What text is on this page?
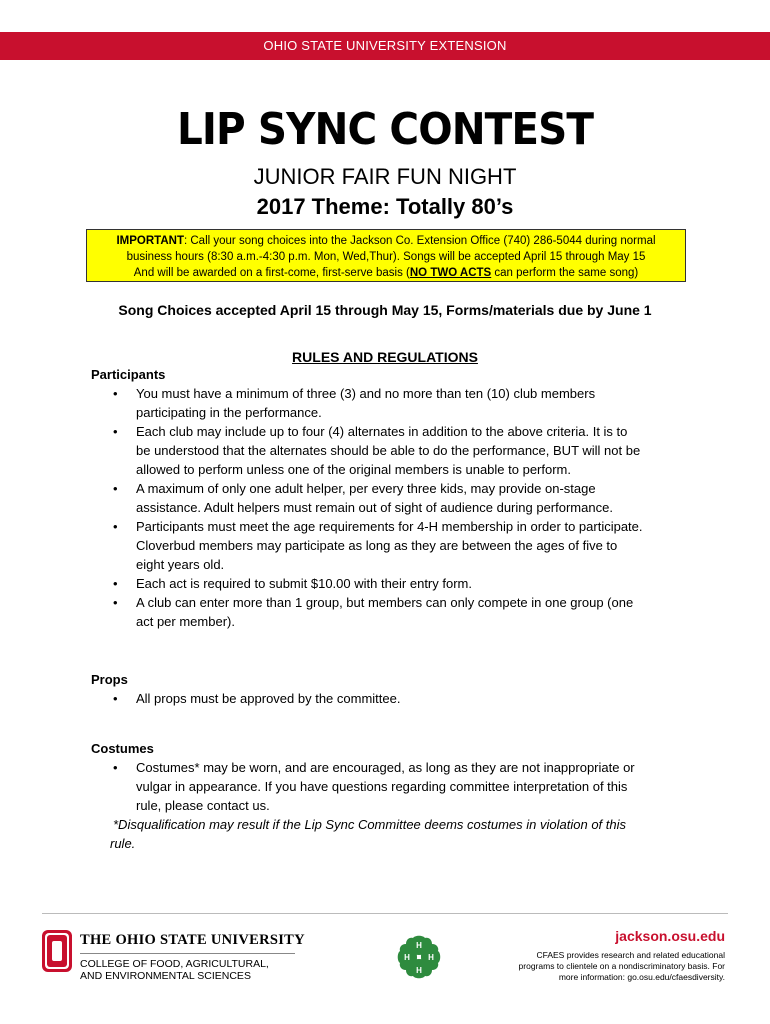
OHIO STATE UNIVERSITY EXTENSION
LIP SYNC CONTEST
JUNIOR FAIR FUN NIGHT
2017 Theme: Totally 80’s
IMPORTANT: Call your song choices into the Jackson Co. Extension Office (740) 286-5044 during normal
business hours (8:30 a.m.-4:30 p.m. Mon, Wed,Thur). Songs will be accepted April 15 through May 15
And will be awarded on a first-come, first-serve basis (NO TWO ACTS can perform the same song)
Song Choices accepted April 15 through May 15, Forms/materials due by June 1
RULES AND REGULATIONS
Participants
• You must have a minimum of three (3) and no more than ten (10) club members
participating in the performance.
• Each club may include up to four (4) alternates in addition to the above criteria. It is to
be understood that the alternates should be able to do the performance, BUT will not be
allowed to perform unless one of the original members is unable to perform.
• A maximum of only one adult helper, per every three kids, may provide on-stage
assistance. Adult helpers must remain out of sight of audience during performance.
• Participants must meet the age requirements for 4-H membership in order to participate.
Cloverbud members may participate as long as they are between the ages of five to
eight years old.
• Each act is required to submit $10.00 with their entry form.
• A club can enter more than 1 group, but members can only compete in one group (one
act per member).
Props
• All props must be approved by the committee.
Costumes
• Costumes* may be worn, and are encouraged, as long as they are not inappropriate or
vulgar in appearance. If you have questions regarding committee interpretation of this
rule, please contact us.
*Disqualification may result if the Lip Sync Committee deems costumes in violation of this
rule.
THE OHIO STATE UNIVERSITY
COLLEGE OF FOOD, AGRICULTURAL,
AND ENVIRONMENTAL SCIENCES
H
H
H H
jackson.osu.edu
CFAES provides research and related educational
programs to clientele on a nondiscriminatory basis. For
more information: go.osu.edu/cfaesdiversity.
